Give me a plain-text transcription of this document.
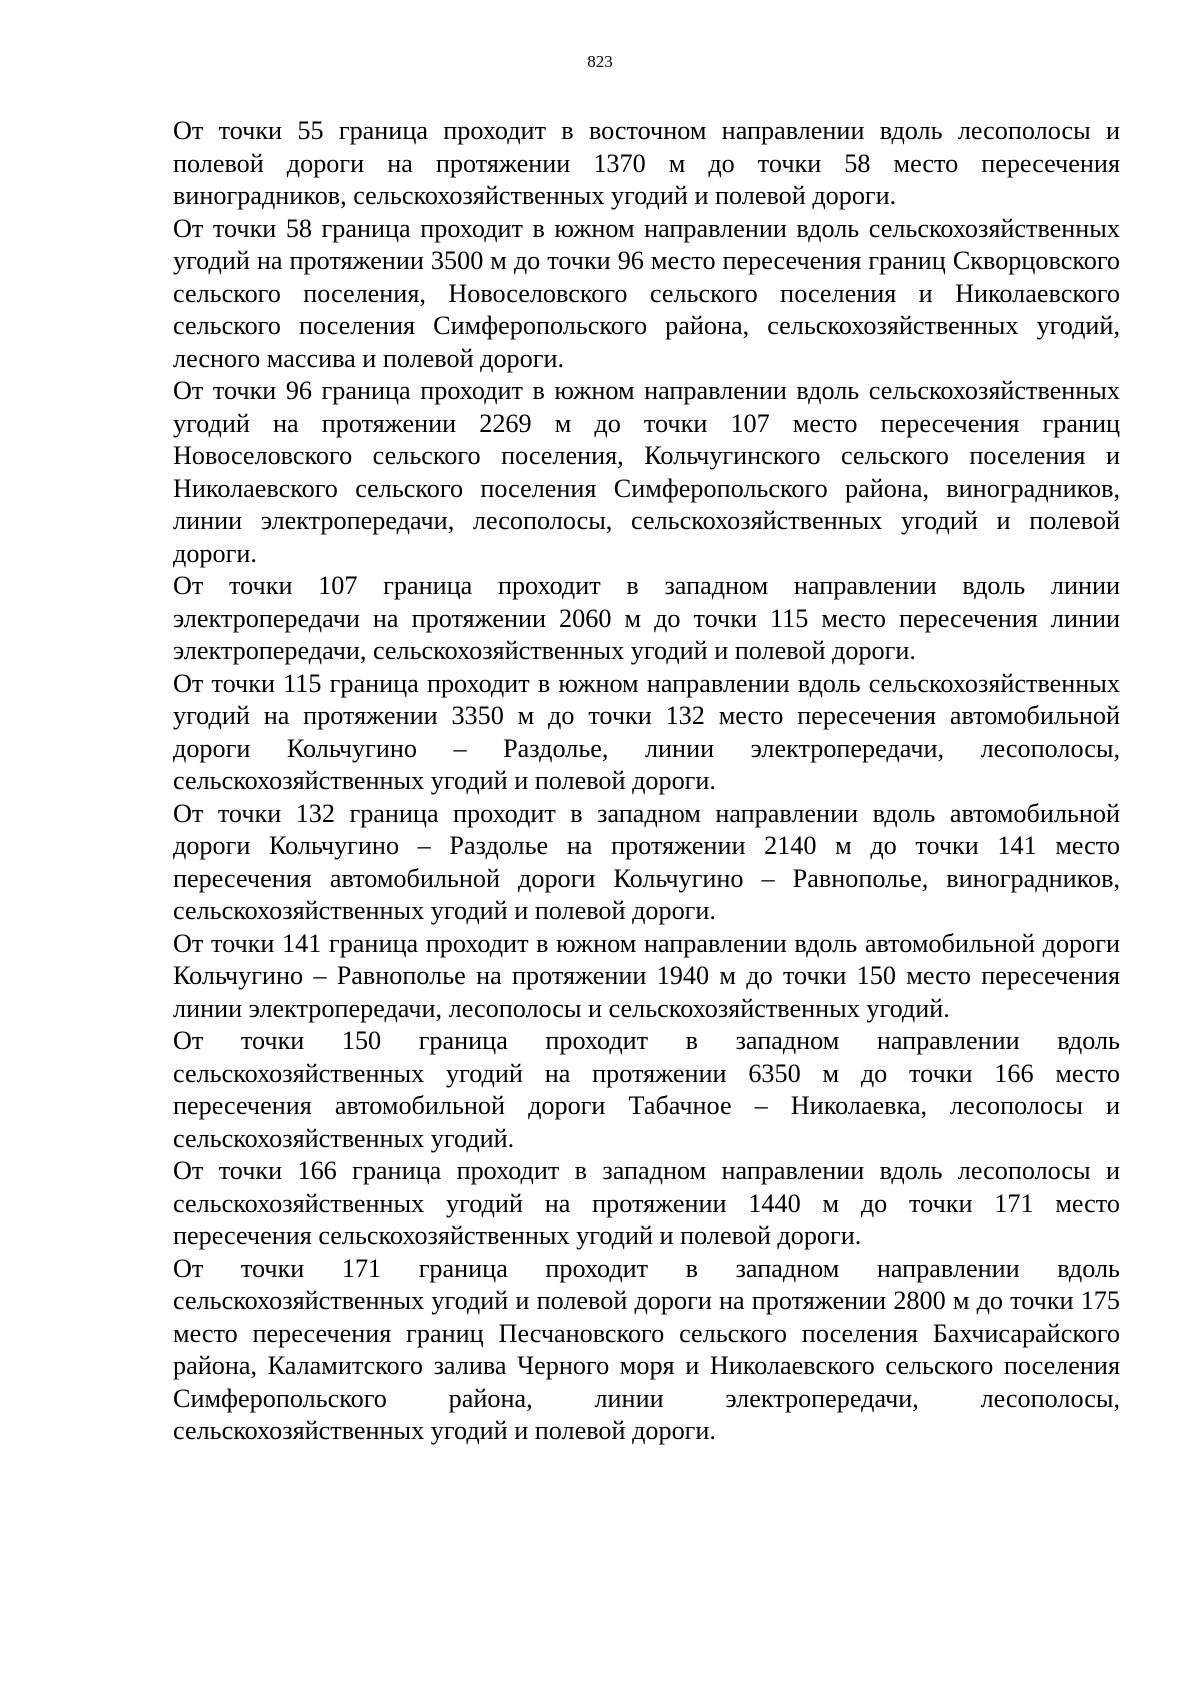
823

От точки 55 граница проходит в восточном направлении вдоль лесополосы и полевой дороги на протяжении 1370 м до точки 58 место пересечения виноградников, сельскохозяйственных угодий и полевой дороги.

От точки 58 граница проходит в южном направлении вдоль сельскохозяйственных угодий на протяжении 3500 м до точки 96 место пересечения границ Скворцовского сельского поселения, Новоселовского сельского поселения и Николаевского сельского поселения Симферопольского района, сельскохозяйственных угодий, лесного массива и полевой дороги.

От точки 96 граница проходит в южном направлении вдоль сельскохозяйственных угодий на протяжении 2269 м до точки 107 место пересечения границ Новоселовского сельского поселения, Кольчугинского сельского поселения и Николаевского сельского поселения Симферопольского района, виноградников, линии электропередачи, лесополосы, сельскохозяйственных угодий и полевой дороги.

От точки 107 граница проходит в западном направлении вдоль линии электропередачи на протяжении 2060 м до точки 115 место пересечения линии электропередачи, сельскохозяйственных угодий и полевой дороги.

От точки 115 граница проходит в южном направлении вдоль сельскохозяйственных угодий на протяжении 3350 м до точки 132 место пересечения автомобильной дороги Кольчугино – Раздолье, линии электропередачи, лесополосы, сельскохозяйственных угодий и полевой дороги.

От точки 132 граница проходит в западном направлении вдоль автомобильной дороги Кольчугино – Раздолье на протяжении 2140 м до точки 141 место пересечения автомобильной дороги Кольчугино – Равнополье, виноградников, сельскохозяйственных угодий и полевой дороги.

От точки 141 граница проходит в южном направлении вдоль автомобильной дороги Кольчугино – Равнополье на протяжении 1940 м до точки 150 место пересечения линии электропередачи, лесополосы и сельскохозяйственных угодий.

От точки 150 граница проходит в западном направлении вдоль сельскохозяйственных угодий на протяжении 6350 м до точки 166 место пересечения автомобильной дороги Табачное – Николаевка, лесополосы и сельскохозяйственных угодий.

От точки 166 граница проходит в западном направлении вдоль лесополосы и сельскохозяйственных угодий на протяжении 1440 м до точки 171 место пересечения сельскохозяйственных угодий и полевой дороги.

От точки 171 граница проходит в западном направлении вдоль сельскохозяйственных угодий и полевой дороги на протяжении 2800 м до точки 175 место пересечения границ Песчановского сельского поселения Бахчисарайского района, Каламитского залива Черного моря и Николаевского сельского поселения Симферопольского района, линии электропередачи, лесополосы, сельскохозяйственных угодий и полевой дороги.
